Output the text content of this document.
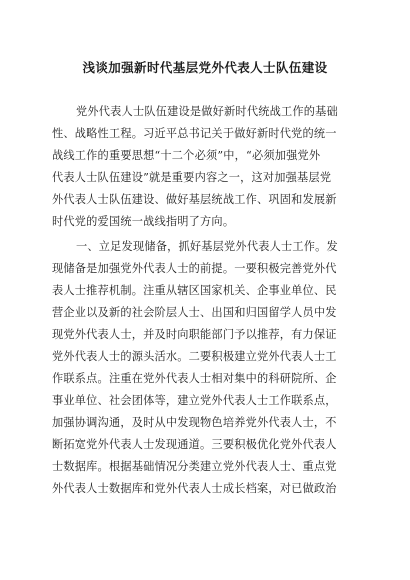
浅谈加强新时代基层党外代表人士队伍建设
党外代表人士队伍建设是做好新时代统战工作的基础
性、战略性工程。习近平总书记关于做好新时代党的统一
战线工作的重要思想“十二个必须”中，“必须加强党外
代表人士队伍建设”就是重要内容之一，这对加强基层党
外代表人士队伍建设、做好基层统战工作、巩固和发展新
时代党的爱国统一战线指明了方向。
一、立足发现储备，抓好基层党外代表人士工作。发
现储备是加强党外代表人士的前提。一要积极完善党外代
表人士推荐机制。注重从辖区国家机关、企事业单位、民
营企业以及新的社会阶层人士、出国和归国留学人员中发
现党外代表人士，并及时向职能部门予以推荐，有力保证
党外代表人士的源头活水。二要积极建立党外代表人士工
作联系点。注重在党外代表人士相对集中的科研院所、企
事业单位、社会团体等，建立党外代表人士工作联系点，
加强协调沟通，及时从中发现物色培养党外代表人士，不
断拓宽党外代表人士发现通道。三要积极优化党外代表人
士数据库。根据基础情况分类建立党外代表人士、重点党
外代表人士数据库和党外代表人士成长档案，对已做政治
